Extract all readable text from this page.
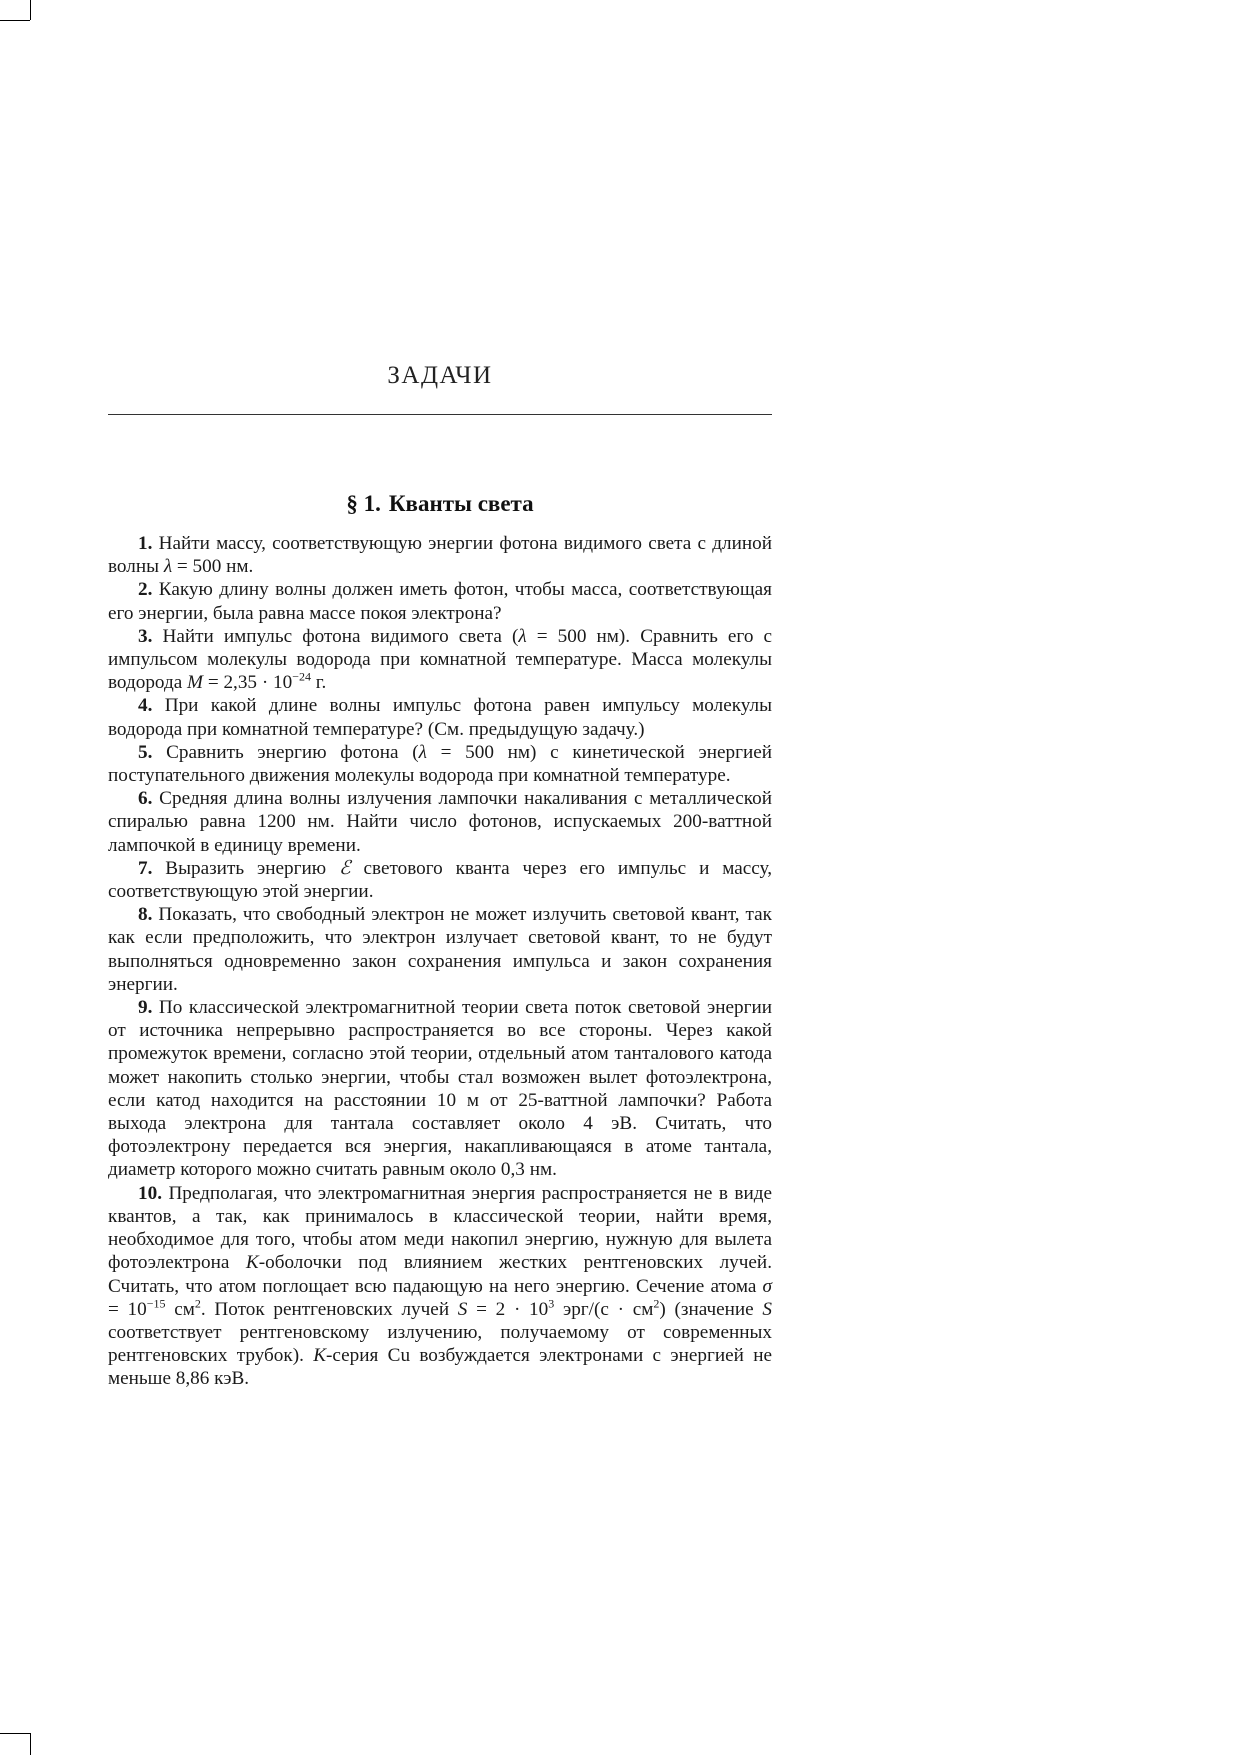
ЗАДАЧИ
§ 1. Кванты света

1. Найти массу, соответствующую энергии фотона видимого света с длиной волны λ = 500 нм.

2. Какую длину волны должен иметь фотон, чтобы масса, соответствующая его энергии, была равна массе покоя электрона?

3. Найти импульс фотона видимого света (λ = 500 нм). Сравнить его с импульсом молекулы водорода при комнатной температуре. Масса молекулы водорода $M = 2,35 \cdot 10^{-24}$ г.

4. При какой длине волны импульс фотона равен импульсу молекулы водорода при комнатной температуре? (См. предыдущую задачу.)

5. Сравнить энергию фотона (λ = 500 нм) с кинетической энергией поступательного движения молекулы водорода при комнатной температуре.

6. Средняя длина волны излучения лампочки накаливания с металлической спиралью равна 1200 нм. Найти число фотонов, испускаемых 200-ваттной лампочкой в единицу времени.

7. Выразить энергию ℰ светового кванта через его импульс и массу, соответствующую этой энергии.

8. Показать, что свободный электрон не может излучить световой квант, так как если предположить, что электрон излучает световой квант, то не будут выполняться одновременно закон сохранения импульса и закон сохранения энергии.

9. По классической электромагнитной теории света поток световой энергии от источника непрерывно распространяется во все стороны. Через какой промежуток времени, согласно этой теории, отдельный атом танталового катода может накопить столько энергии, чтобы стал возможен вылет фотоэлектрона, если катод находится на расстоянии 10 м от 25-ваттной лампочки? Работа выхода электрона для тантала составляет около 4 эВ. Считать, что фотоэлектрону передается вся энергия, накапливающаяся в атоме тантала, диаметр которого можно считать равным около 0,3 нм.

10. Предполагая, что электромагнитная энергия распространяется не в виде квантов, а так, как принималось в классической теории, найти время, необходимое для того, чтобы атом меди накопил энергию, нужную для вылета фотоэлектрона K-оболочки под влиянием жестких рентгеновских лучей. Считать, что атом поглощает всю падающую на него энергию. Сечение атома $\sigma = 10^{-15}$ $см^2$. Поток рентгеновских лучей $S = 2 \cdot 10^3$ $эрг/(с \cdot см^2)$ (значение S соответствует рентгеновскому излучению, получаемому от современных рентгеновских трубок). K-серия Cu возбуждается электронами с энергией не меньше 8,86 кэВ.
